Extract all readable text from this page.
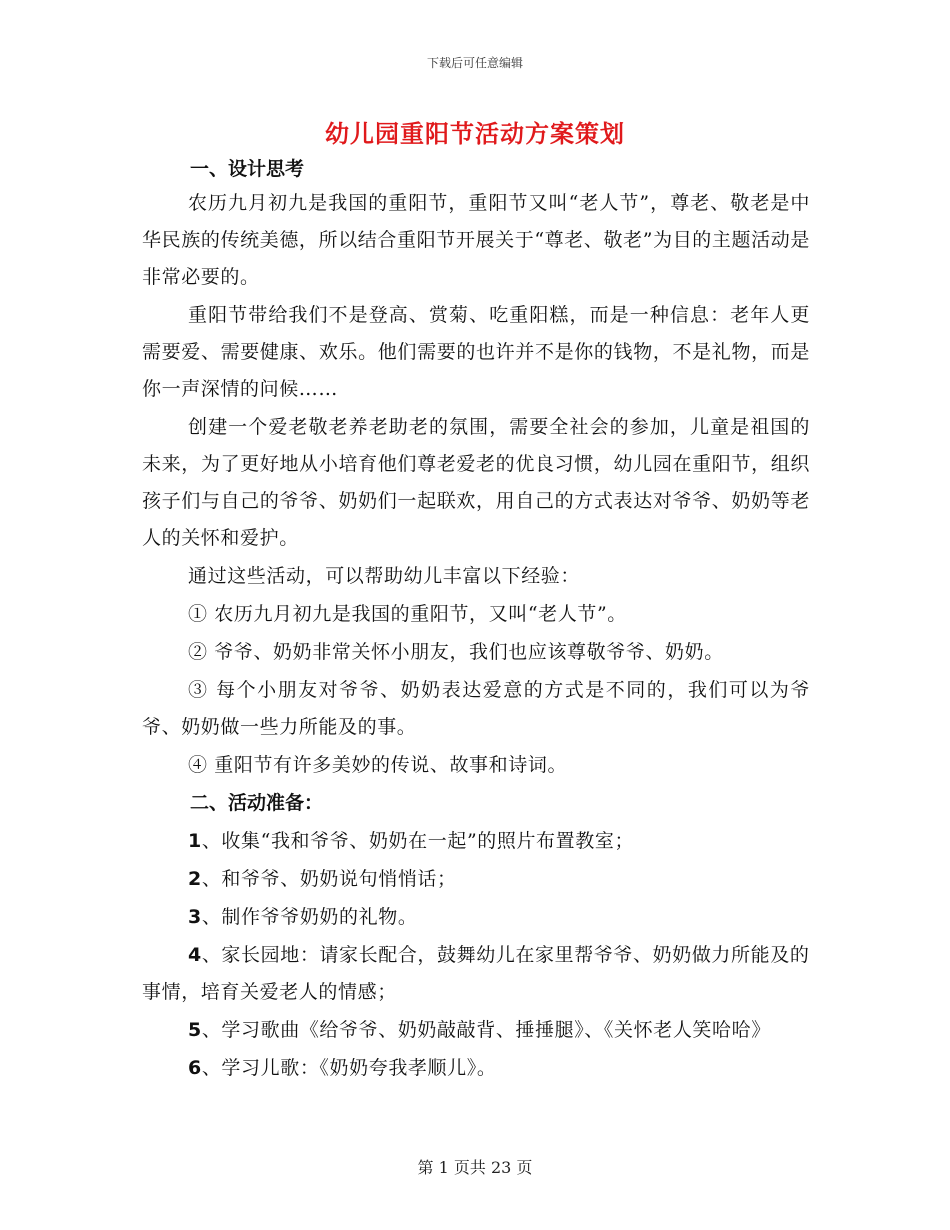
下载后可任意编辑
幼儿园重阳节活动方案策划
一、设计思考
农历九月初九是我国的重阳节，重阳节又叫“老人节”，尊老、敬老是中华民族的传统美德，所以结合重阳节开展关于“尊老、敬老”为目的主题活动是非常必要的。
重阳节带给我们不是登高、赏菊、吃重阳糕，而是一种信息：老年人更需要爱、需要健康、欢乐。他们需要的也许并不是你的钱物，不是礼物，而是你一声深情的问候……
创建一个爱老敬老养老助老的氛围，需要全社会的参加，儿童是祖国的未来，为了更好地从小培育他们尊老爱老的优良习惯，幼儿园在重阳节，组织孩子们与自己的爷爷、奶奶们一起联欢，用自己的方式表达对爷爷、奶奶等老人的关怀和爱护。
通过这些活动，可以帮助幼儿丰富以下经验：
① 农历九月初九是我国的重阳节，又叫“老人节”。
② 爷爷、奶奶非常关怀小朋友，我们也应该尊敬爷爷、奶奶。
③ 每个小朋友对爷爷、奶奶表达爱意的方式是不同的，我们可以为爷爷、奶奶做一些力所能及的事。
④ 重阳节有许多美妙的传说、故事和诗词。
二、活动准备：
1、收集“我和爷爷、奶奶在一起”的照片布置教室；
2、和爷爷、奶奶说句悄悄话；
3、制作爷爷奶奶的礼物。
4、家长园地：请家长配合，鼓舞幼儿在家里帮爷爷、奶奶做力所能及的事情，培育关爱老人的情感；
5、学习歌曲《给爷爷、奶奶敲敲背、捶捶腿》、《关怀老人笑哈哈》
6、学习儿歌：《奶奶夸我孝顺儿》。
第 1 页共 23 页
